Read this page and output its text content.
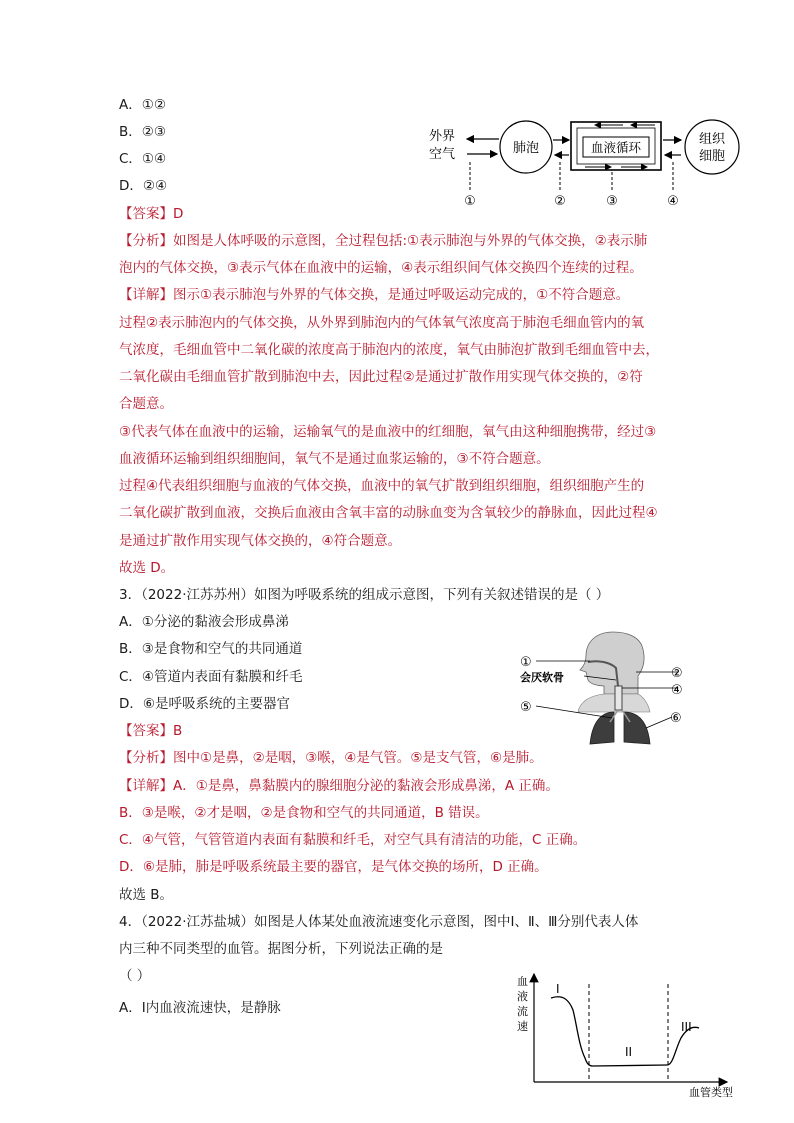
A．①②
B．②③
C．①④
D．②④
【答案】D
【分析】如图是人体呼吸的示意图，全过程包括:①表示肺泡与外界的气体交换，②表示肺
泡内的气体交换，③表示气体在血液中的运输，④表示组织间气体交换四个连续的过程。
【详解】图示①表示肺泡与外界的气体交换，是通过呼吸运动完成的，①不符合题意。
过程②表示肺泡内的气体交换，从外界到肺泡内的气体氧气浓度高于肺泡毛细血管内的氧
气浓度，毛细血管中二氧化碳的浓度高于肺泡内的浓度，氧气由肺泡扩散到毛细血管中去，
二氧化碳由毛细血管扩散到肺泡中去，因此过程②是通过扩散作用实现气体交换的，②符
合题意。
③代表气体在血液中的运输，运输氧气的是血液中的红细胞，氧气由这种细胞携带，经过③
血液循环运输到组织细胞间，氧气不是通过血浆运输的，③不符合题意。
过程④代表组织细胞与血液的气体交换，血液中的氧气扩散到组织细胞，组织细胞产生的
二氧化碳扩散到血液，交换后血液由含氧丰富的动脉血变为含氧较少的静脉血，因此过程④
是通过扩散作用实现气体交换的，④符合题意。
故选 D。
外界
空气	肺泡	血液循环
组织
细胞
①	②	③	④
3．（2022·江苏苏州）如图为呼吸系统的组成示意图，下列有关叙述错误的是（ ）
A．①分泌的黏液会形成鼻涕
B．③是食物和空气的共同通道
C．④管道内表面有黏膜和纤毛
D．⑥是呼吸系统的主要器官
【答案】B
【分析】图中①是鼻，②是咽，③喉，④是气管。⑤是支气管，⑥是肺。
【详解】A．①是鼻，鼻黏膜内的腺细胞分泌的黏液会形成鼻涕，A 正确。
B．③是喉，②才是咽，②是食物和空气的共同通道，B 错误。
C．④气管，气管管道内表面有黏膜和纤毛，对空气具有清洁的功能，C 正确。
D．⑥是肺，肺是呼吸系统最主要的器官，是气体交换的场所，D 正确。
故选 B。
①
②
会厌软骨
④
⑤
⑥
③
4．（2022·江苏盐城）如图是人体某处血液流速变化示意图，图中Ⅰ、Ⅱ、Ⅲ分别代表人体
内三种不同类型的血管。据图分析，下列说法正确的是
（ ）
A．Ⅰ内血液流速快，是静脉
血
液
流
速
血管类型
I
II
III
